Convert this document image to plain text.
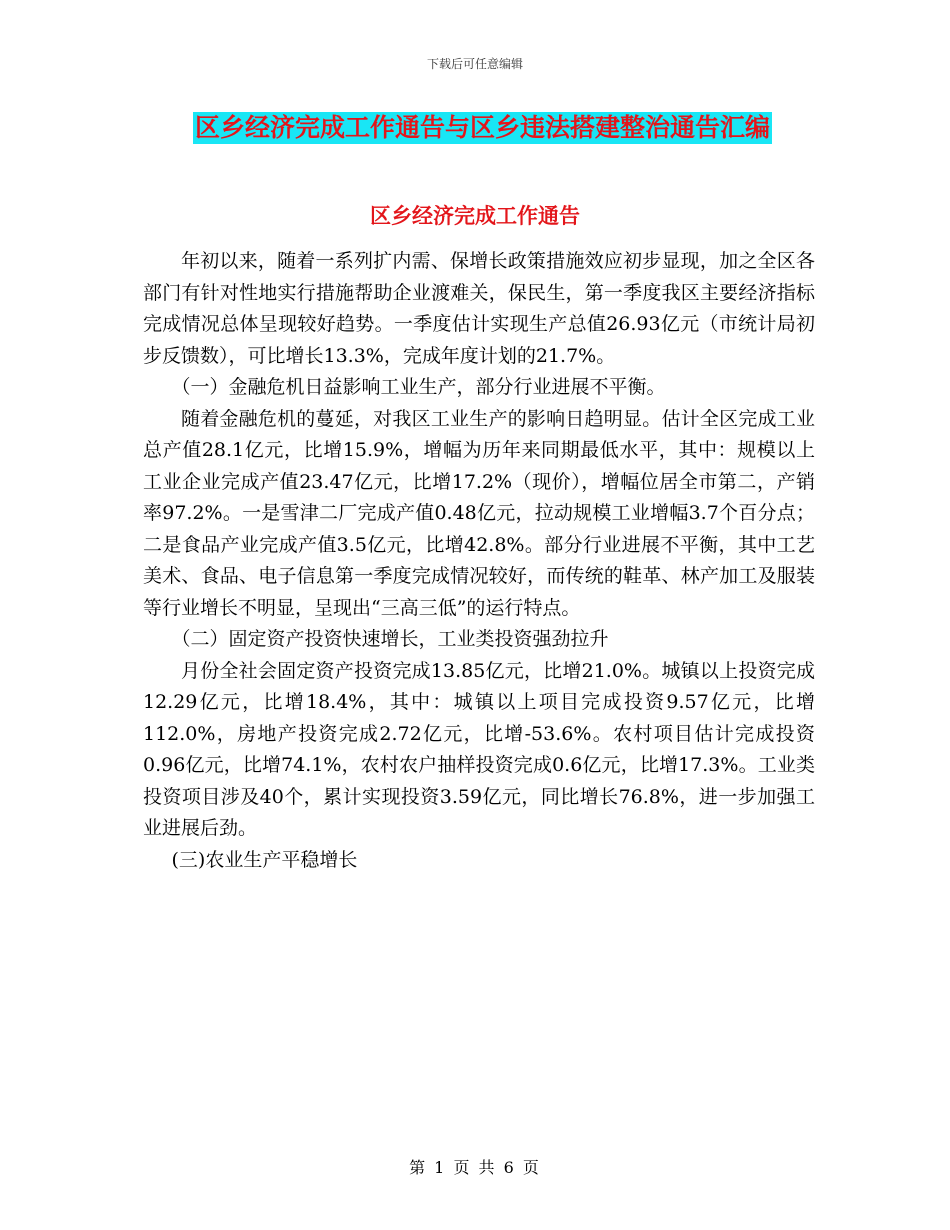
下载后可任意编辑
区乡经济完成工作通告与区乡违法搭建整治通告汇编
区乡经济完成工作通告

年初以来，随着一系列扩内需、保增长政策措施效应初步显现，加之全区各部门有针对性地实行措施帮助企业渡难关，保民生，第一季度我区主要经济指标完成情况总体呈现较好趋势。一季度估计实现生产总值26.93亿元（市统计局初步反馈数），可比增长13.3%，完成年度计划的21.7%。

（一）金融危机日益影响工业生产，部分行业进展不平衡。

随着金融危机的蔓延，对我区工业生产的影响日趋明显。估计全区完成工业总产值28.1亿元，比增15.9%，增幅为历年来同期最低水平，其中：规模以上工业企业完成产值23.47亿元，比增17.2%（现价），增幅位居全市第二，产销率97.2%。一是雪津二厂完成产值0.48亿元，拉动规模工业增幅3.7个百分点；二是食品产业完成产值3.5亿元，比增42.8%。部分行业进展不平衡，其中工艺美术、食品、电子信息第一季度完成情况较好，而传统的鞋革、林产加工及服装等行业增长不明显，呈现出“三高三低”的运行特点。

（二）固定资产投资快速增长，工业类投资强劲拉升

月份全社会固定资产投资完成13.85亿元，比增21.0%。城镇以上投资完成12.29亿元，比增18.4%，其中：城镇以上项目完成投资9.57亿元，比增112.0%，房地产投资完成2.72亿元，比增-53.6%。农村项目估计完成投资0.96亿元，比增74.1%，农村农户抽样投资完成0.6亿元，比增17.3%。工业类投资项目涉及40个，累计实现投资3.59亿元，同比增长76.8%，进一步加强工业进展后劲。

(三)农业生产平稳增长

第 1 页 共 6 页
